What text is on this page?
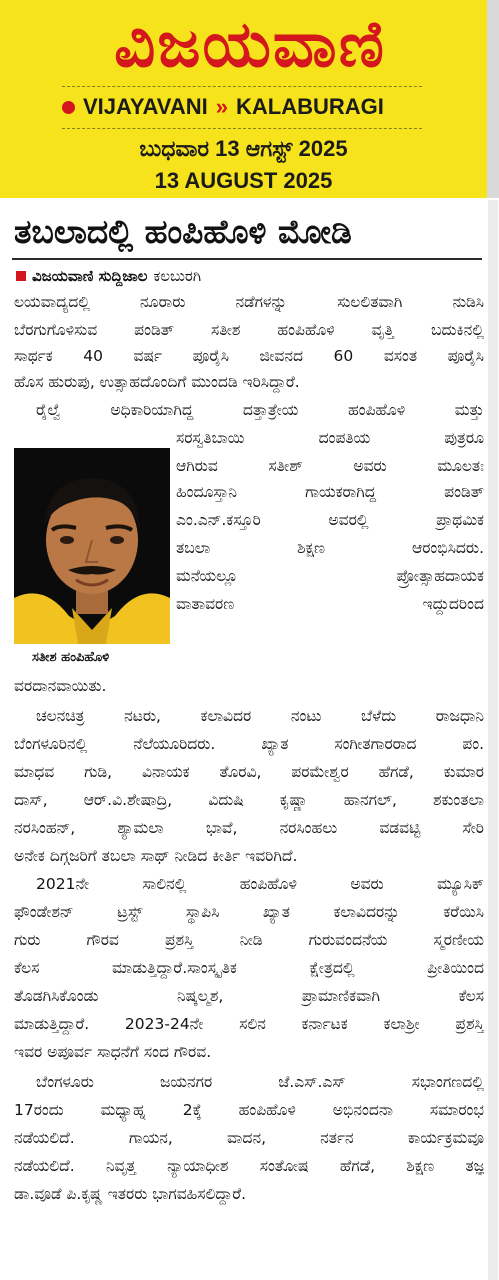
ವಿಜಯವಾಣಿ
VIJAYAVANI » KALABURAGI
ಬುಧವಾರ 13 ಆಗಸ್ಟ್ 2025
13 AUGUST 2025
ತಬಲಾದಲ್ಲಿ ಹಂಪಿಹೊಳಿ ಮೋಡಿ
ವಿಜಯವಾಣಿ ಸುದ್ದಿಜಾಲ ಕಲಬುರಗಿ
ಲಯವಾದ್ಯದಲ್ಲಿ ನೂರಾರು ನಡೆಗಳನ್ನು ಸುಲಲಿತವಾಗಿ ನುಡಿಸಿ
ಬೆರಗುಗೊಳಿಸುವ ಪಂಡಿತ್ ಸತೀಶ ಹಂಪಿಹೊಳಿ ವೃತ್ತಿ ಬದುಕಿನಲ್ಲಿ
ಸಾರ್ಥಕ 40 ವರ್ಷ ಪೂರೈಸಿ ಜೀವನದ 60 ವಸಂತ ಪೂರೈಸಿ
ಹೊಸ ಹುರುಪು, ಉತ್ಸಾಹದೊಂದಿಗೆ ಮುಂದಡಿ ಇರಿಸಿದ್ದಾರೆ.
ರೈಲ್ವೆ ಅಧಿಕಾರಿಯಾಗಿದ್ದ ದತ್ತಾತ್ರೇಯ ಹಂಪಿಹೊಳಿ ಮತ್ತು
ಸತೀಶ ಹಂಪಿಹೊಳಿ
ಸರಸ್ವತಿಬಾಯಿ ದಂಪತಿಯ ಪುತ್ರರೂ
ಆಗಿರುವ ಸತೀಶ್ ಅವರು ಮೂಲತಃ
ಹಿಂದೂಸ್ತಾನಿ ಗಾಯಕರಾಗಿದ್ದ ಪಂಡಿತ್
ಎಂ.ಎನ್.ಕಸ್ತೂರಿ ಅವರಲ್ಲಿ ಪ್ರಾಥಮಿಕ
ತಬಲಾ ಶಿಕ್ಷಣ ಆರಂಭಿಸಿದರು.
ಮನೆಯಲ್ಲೂ ಪ್ರೋತ್ಸಾಹದಾಯಕ
ವಾತಾವರಣ ಇದ್ದುದರಿಂದ
ವರದಾನವಾಯಿತು.
ಚಲನಚಿತ್ರ ನಟರು, ಕಲಾವಿದರ ನಂಟು ಬೆಳೆದು ರಾಜಧಾನಿ
ಬೆಂಗಳೂರಿನಲ್ಲಿ ನೆಲೆಯೂರಿದರು. ಖ್ಯಾತ ಸಂಗೀತಗಾರರಾದ ಪಂ.
ಮಾಧವ ಗುಡಿ, ವಿನಾಯಕ ತೊರವಿ, ಪರಮೇಶ್ವರ ಹೆಗಡೆ, ಕುಮಾರ
ದಾಸ್, ಆರ್.ವಿ.ಶೇಷಾದ್ರಿ, ವಿದುಷಿ ಕೃಷ್ಣಾ ಹಾನಗಲ್, ಶಕುಂತಲಾ
ನರಸಿಂಹನ್, ಶ್ಯಾಮಲಾ ಭಾವೆ, ನರಸಿಂಹಲು ವಡವಟ್ಟಿ ಸೇರಿ
ಅನೇಕ ದಿಗ್ಗಜರಿಗೆ ತಬಲಾ ಸಾಥ್ ನೀಡಿದ ಕೀರ್ತಿ ಇವರಿಗಿದೆ.
2021ನೇ ಸಾಲಿನಲ್ಲಿ ಹಂಪಿಹೊಳಿ ಅವರು ಮ್ಯೂಸಿಕ್
ಫೌಂಡೇಶನ್ ಟ್ರಸ್ಟ್ ಸ್ಥಾಪಿಸಿ ಖ್ಯಾತ ಕಲಾವಿದರನ್ನು ಕರೆಯಿಸಿ
ಗುರು ಗೌರವ ಪ್ರಶಸ್ತಿ ನೀಡಿ ಗುರುವಂದನೆಯ ಸ್ಮರಣೀಯ
ಕೆಲಸ ಮಾಡುತ್ತಿದ್ದಾರೆ.ಸಾಂಸ್ಕೃತಿಕ ಕ್ಷೇತ್ರದಲ್ಲಿ ಪ್ರೀತಿಯಿಂದ
ತೊಡಗಿಸಿಕೊಂಡು ನಿಷ್ಕಲ್ಮಶ, ಪ್ರಾಮಾಣಿಕವಾಗಿ ಕೆಲಸ
ಮಾಡುತ್ತಿದ್ದಾರೆ. 2023-24ನೇ ಸಲಿನ ಕರ್ನಾಟಕ ಕಲಾಶ್ರೀ ಪ್ರಶಸ್ತಿ
ಇವರ ಅಪೂರ್ವ ಸಾಧನೆಗೆ ಸಂದ ಗೌರವ.
ಬೆಂಗಳೂರು ಜಯನಗರ ಜೆ.ಎಸ್.ಎಸ್ ಸಭಾಂಗಣದಲ್ಲಿ
17ರಂದು ಮಧ್ಯಾಹ್ನ 2ಕ್ಕೆ ಹಂಪಿಹೊಳಿ ಅಭಿನಂದನಾ ಸಮಾರಂಭ
ನಡೆಯಲಿದೆ. ಗಾಯನ, ವಾದನ, ನರ್ತನ ಕಾರ್ಯಕ್ರಮವೂ
ನಡೆಯಲಿದೆ. ನಿವೃತ್ತ ನ್ಯಾಯಾಧೀಶ ಸಂತೋಷ ಹೆಗಡೆ, ಶಿಕ್ಷಣ ತಜ್ಞ
ಡಾ.ವೂಡೆ ಪಿ.ಕೃಷ್ಣ ಇತರರು ಭಾಗವಹಿಸಲಿದ್ದಾರೆ.
